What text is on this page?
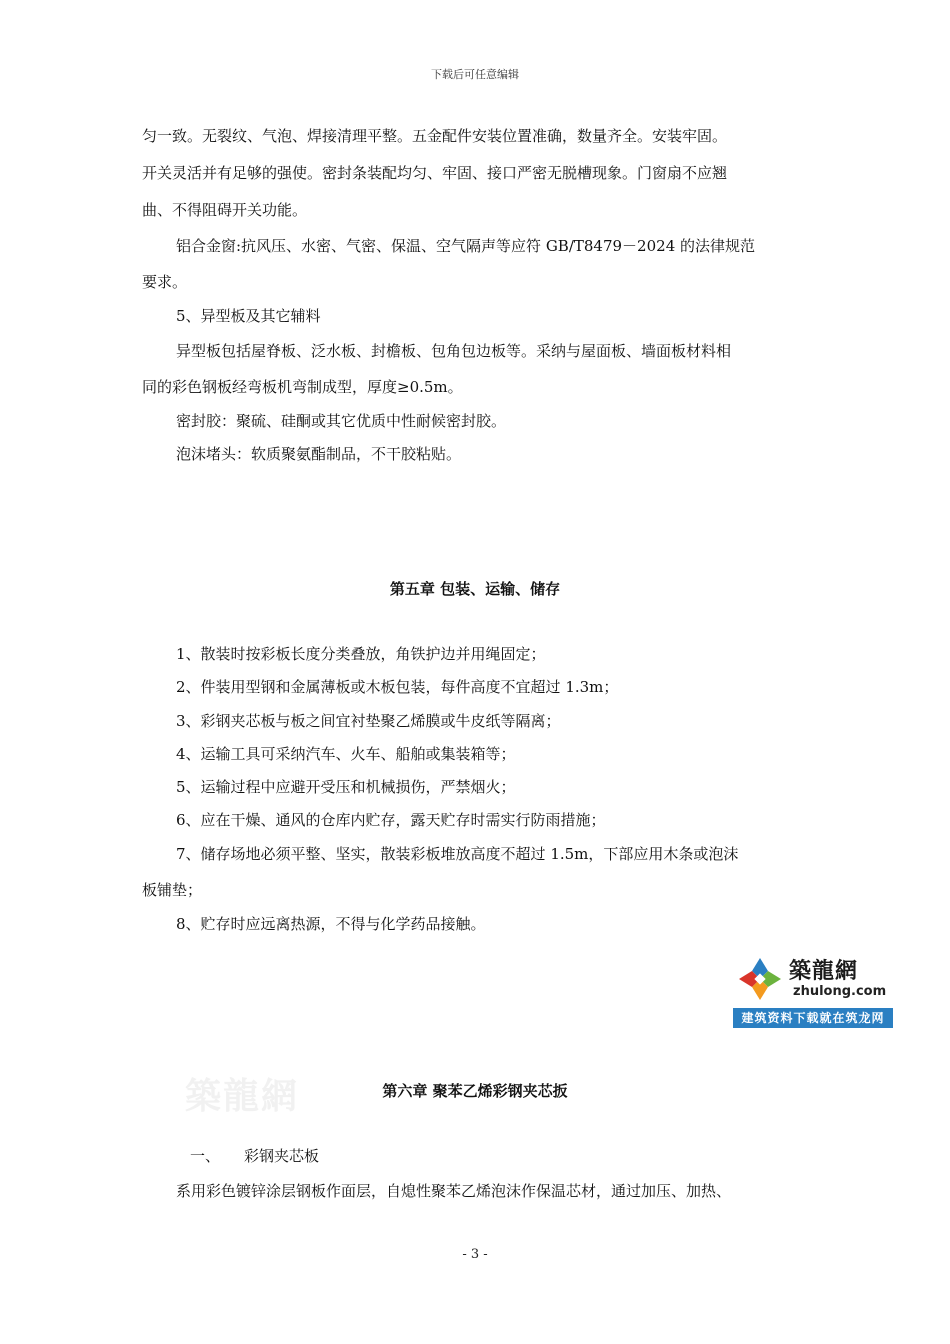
下载后可任意编辑
匀一致。无裂纹、气泡、焊接清理平整。五金配件安装位置准确，数量齐全。安装牢固。
开关灵活并有足够的强使。密封条装配均匀、牢固、接口严密无脱槽现象。门窗扇不应翘
曲、不得阻碍开关功能。
铝合金窗:抗风压、水密、气密、保温、空气隔声等应符 GB/T8479－2024 的法律规范
要求。
5、异型板及其它辅料
异型板包括屋脊板、泛水板、封檐板、包角包边板等。采纳与屋面板、墙面板材料相
同的彩色钢板经弯板机弯制成型，厚度≥0.5m。
密封胶：聚硫、硅酮或其它优质中性耐候密封胶。
泡沫堵头：软质聚氨酯制品，不干胶粘贴。
第五章 包装、运输、储存
1、散装时按彩板长度分类叠放，角铁护边并用绳固定；
2、件装用型钢和金属薄板或木板包装，每件高度不宜超过 1.3m；
3、彩钢夹芯板与板之间宜衬垫聚乙烯膜或牛皮纸等隔离；
4、运输工具可采纳汽车、火车、船舶或集装箱等；
5、运输过程中应避开受压和机械损伤，严禁烟火；
6、应在干燥、通风的仓库内贮存，露天贮存时需实行防雨措施；
7、储存场地必须平整、坚实，散装彩板堆放高度不超过 1.5m，下部应用木条或泡沫
板铺垫；
8、贮存时应远离热源，不得与化学药品接触。
築龍網
zhulong.com
建筑资料下载就在筑龙网
築龍網	第六章 聚苯乙烯彩钢夹芯扳
一、 彩钢夹芯板
系用彩色镀锌涂层钢板作面层，自熄性聚苯乙烯泡沫作保温芯材，通过加压、加热、
- 3 -
